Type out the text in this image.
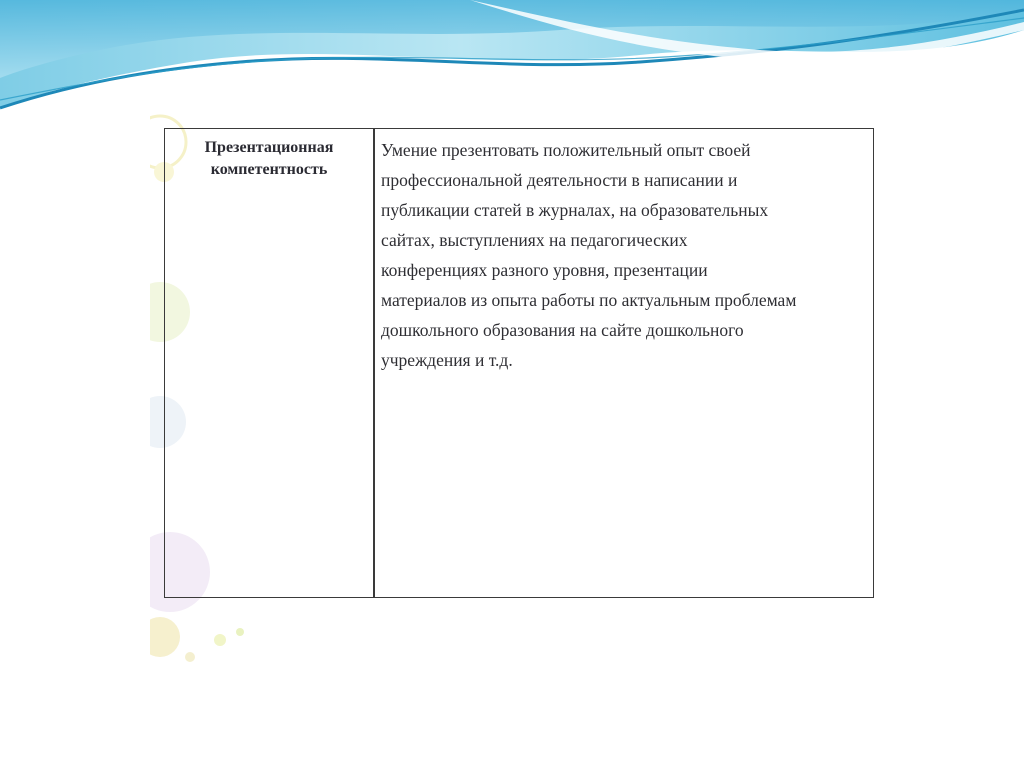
Презентационная компетентность

Умение презентовать положительный опыт своей
профессиональной деятельности в написании и
публикации статей в журналах, на образовательных
сайтах, выступлениях на педагогических
конференциях разного уровня, презентации
материалов из опыта работы по актуальным проблемам
дошкольного образования на сайте дошкольного
учреждения и т.д.
